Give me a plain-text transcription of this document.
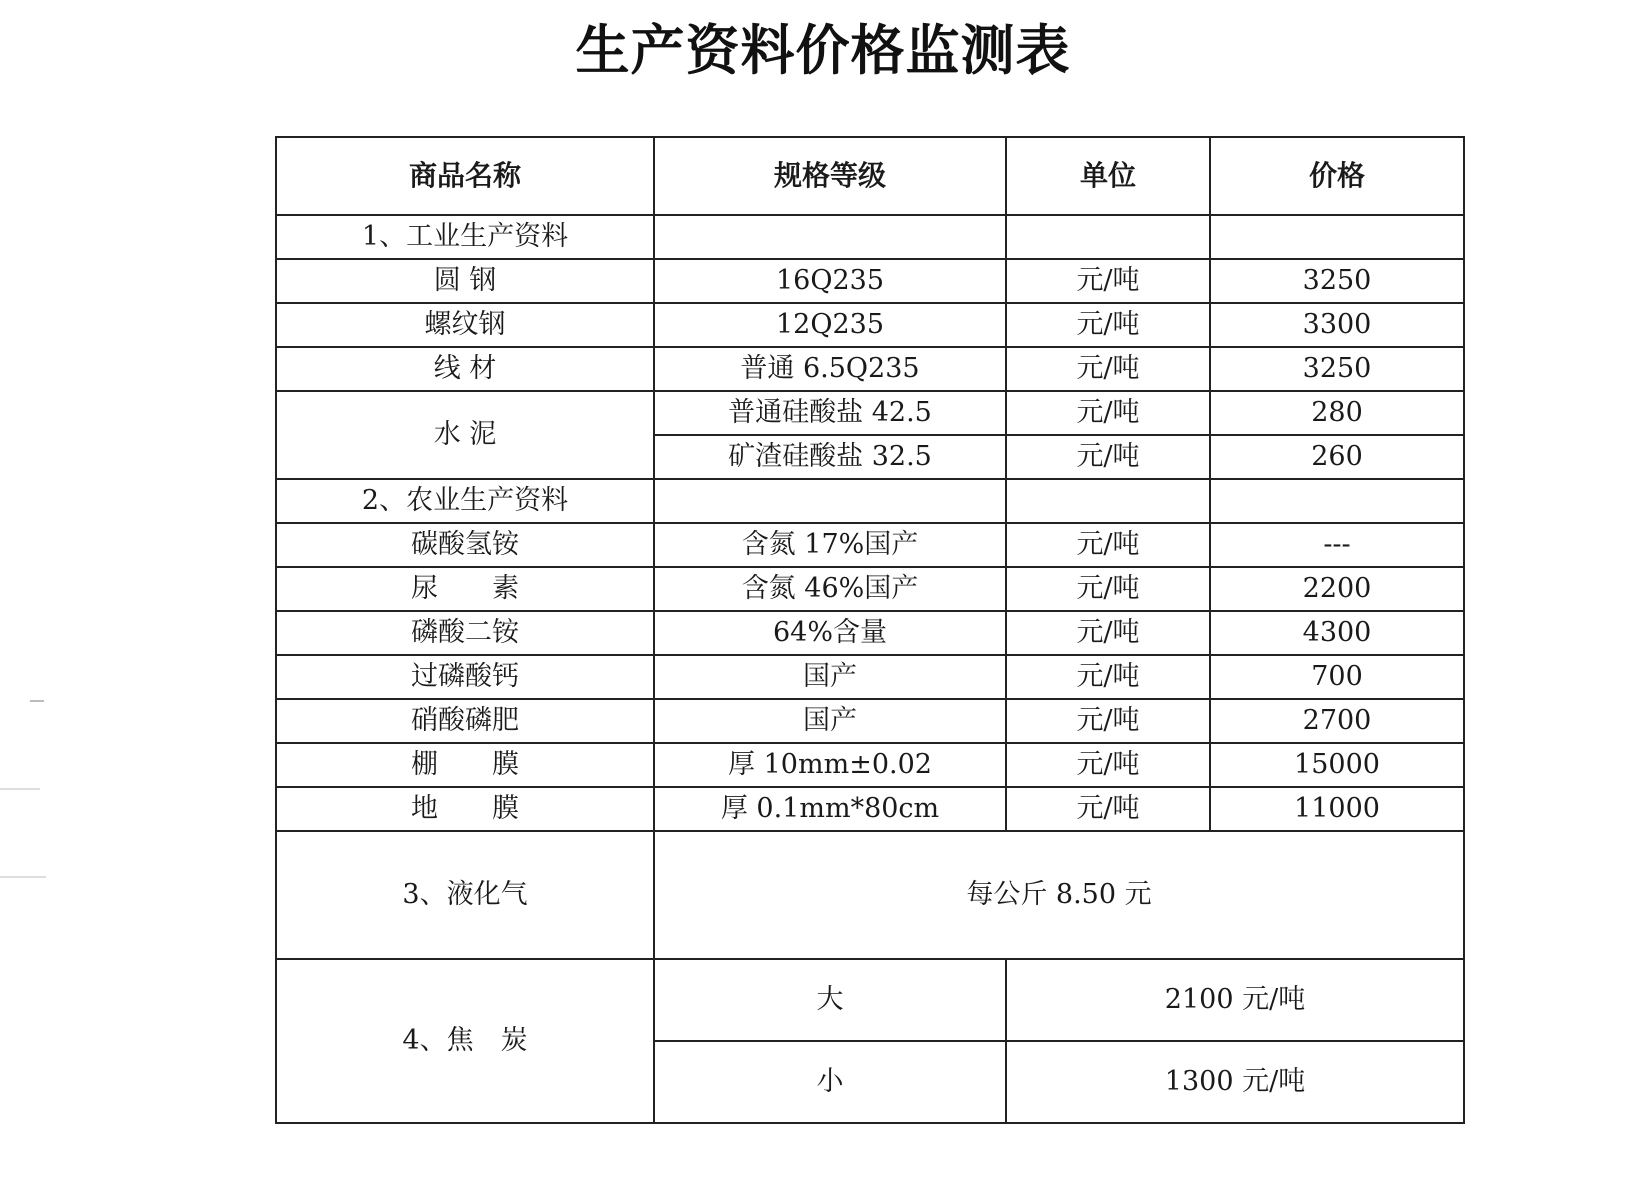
生产资料价格监测表
商品名称	规格等级	单位	价格
1、工业生产资料			
圆 钢	16Q235	元/吨	3250
螺纹钢	12Q235	元/吨	3300
线 材	普通 6.5Q235	元/吨	3250
水 泥	普通硅酸盐 42.5	元/吨	280
	矿渣硅酸盐 32.5	元/吨	260
2、农业生产资料			
碳酸氢铵	含氮 17%国产	元/吨	---
尿　　素	含氮 46%国产	元/吨	2200
磷酸二铵	64%含量	元/吨	4300
过磷酸钙	国产	元/吨	700
硝酸磷肥	国产	元/吨	2700
棚　　膜	厚 10mm±0.02	元/吨	15000
地　　膜	厚 0.1mm*80cm	元/吨	11000
3、液化气	每公斤 8.50 元		
4、焦　炭	大	2100 元/吨	
	小	1300 元/吨	
